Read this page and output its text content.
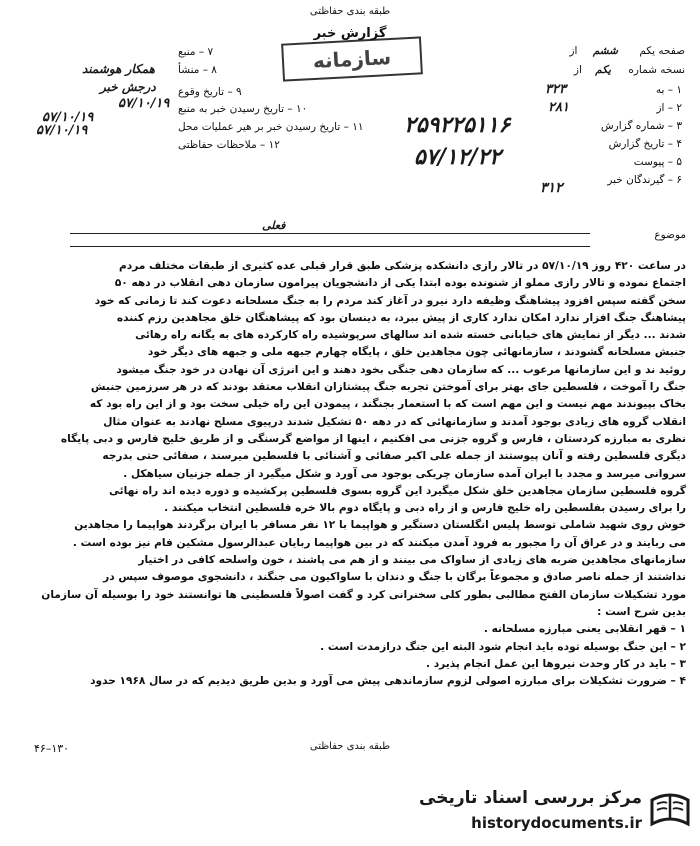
طبقه بندی حفاظتی
گزارش خبر
سازمانه	صفحه یکم ششم از
نسخه شماره یکم از
۱ – به
۳۲۳
۲ – از
۲۸۱
۳ – شماره گزارش
۴ – تاریخ گزارش
۵ – پیوست
۶ – گیرندگان خبر
۳۱۲
۲۵۹۲۲۵۱۱۶
۵۷/۱۲/۲۲
۷ – منبع
۸ – منشأ
همکار هوشمند
درجش خبر ۹ – تاریخ وقوع
۱۰ – تاریخ رسیدن خبر به منبع
۵۷/۱۰/۱۹
۵۷/۱۰/۱۹
۱۱ – تاریخ رسیدن خبر بر هیر عملیات محل
۵۷/۱۰/۱۹
۱۲ – ملاحظات حفاظتی
فعلی
موضوع
در ساعت ۴۲۰ روز ۵۷/۱۰/۱۹ در تالار رازی دانشکده پزشکی طبق قرار قبلی عده کثیری از طبقات مختلف مردم
اجتماع نموده و تالار رازی مملو از شنونده بوده ابتدا یکی از دانشجویان پیرامون سازمان دهی انقلاب در دهه ۵۰
سخن گفته سپس افزود پیشاهنگ وظیفه دارد نیرو در آغاز کند مردم را به جنگ مسلحانه دعوت کند تا زمانی که خود
پیشاهنگ جنگ افزار ندارد امکان ندارد کاری از پیش ببرد، به دینسان بود که پیشاهنگان خلق مجاهدین رزم کننده
شدند ... دیگر از نمایش های خیابانی خسته شده اند سالهای سرپوشیده راه کارکرده های به یگانه راه رهائی
جنبش مسلحانه گشودند ، سازمانهائی چون مجاهدین خلق ، پایگاه چهارم جبهه ملی و جبهه های دیگر خود
روئید ند و این سازمانها مرعوب ... که سازمان دهی جنگی بخود دهند و این انرژی آن نهادن در خود جنگ میشود
جنگ را آموخت ، فلسطین جای بهتر برای آموختن تجربه جنگ پیشتازان انقلاب معتقد بودند که در هر سرزمین جنبش
بخاک بپیوندند مهم نیست و این مهم است که با استعمار بجنگند ، پیمودن این راه خیلی سخت بود و از این راه بود که
انقلاب گروه های زیادی بوجود آمدند و سازمانهائی که در دهه ۵۰ تشکیل شدند درپیوی مسلح نهادند به عنوان مثال
نظری به مبارزه کردستان ، فارس و گروه جزنی می افکنیم ، اینها از مواضع گرسنگی و از طریق خلیج فارس و دبی پایگاه
دیگری فلسطین رفته و آنان پیوستند از جمله علی اکبر صفائی و آشنائی با فلسطین میرسند ، صفائی حتی بدرجه
سروانی میرسد و مجدد با ایران آمده سازمان چریکی بوجود می آورد و شکل میگیرد از جمله جزنیان سیاهکل .
گروه فلسطین سازمان مجاهدین خلق شکل میگیرد این گروه بسوی فلسطین پرکشیده و دوره دیده اند راه نهائی
را برای رسیدن بفلسطین راه خلیج فارس و از راه دبی و پایگاه دوم بالا خره فلسطین انتخاب میکنند .
خوش روی شهید شاملی توسط پلیس انگلستان دستگیر و هواپیما با ۱۲ نفر مسافر با ایران برگردند هواپیما را مجاهدین
می ربایند و در عراق آن را مجبور به فرود آمدن میکنند که در بین هواپیما ربایان عبدالرسول مشکین فام نیز بوده است .
سازمانهای مجاهدین ضربه های زیادی از ساواک می بینند و از هم می پاشند ، خون واسلحه کافی در اختیار
نداشتند از جمله ناصر صادق و مجموعاً برگان با جنگ و دندان با ساواکیون می جنگند ، دانشجوی موصوف سپس در
مورد تشکیلات سازمان الفتح مطالبی بطور کلی سخنرانی کرد و گفت اصولاً فلسطینی ها توانستند خود را بوسیله آن سازمان
بدین شرح است :
۱ – قهر انقلابی یعنی مبارزه مسلحانه .
۲ – این جنگ بوسیله توده باید انجام شود البته این جنگ درازمدت است .
۳ – باید در کار وحدت نیروها این عمل انجام پذیرد .
۴ – ضرورت تشکیلات برای مبارزه اصولی لزوم سازماندهی پیش می آورد و بدین طریق دیدیم که در سال ۱۹۶۸ حدود
طبقه بندی حفاظتی
۴۶–۱۳۰
مرکز بررسی اسناد تاریخی
historydocuments.ir
